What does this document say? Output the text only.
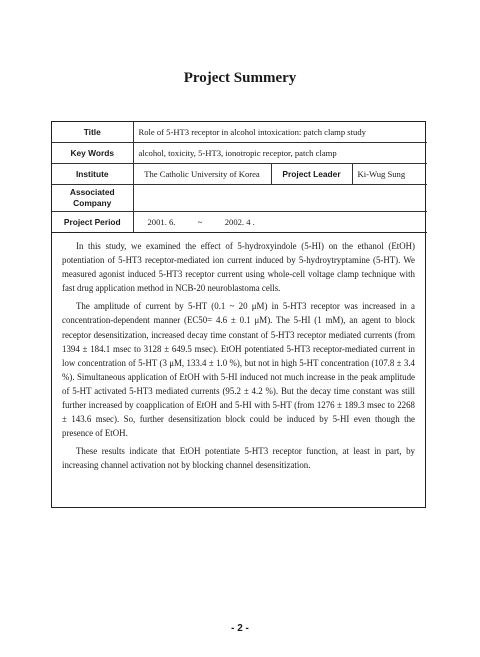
Project Summery
Title	Role of 5-HT3 receptor in alcohol intoxication: patch clamp study		
Key Words	alcohol, toxicity, 5-HT3, ionotropic receptor, patch clamp		
Institute	The Catholic University of Korea	Project Leader	Ki-Wug Sung
Associated Company			
Project Period	2001. 6. ~ 2002. 4 .		

In this study, we examined the effect of 5-hydroxyindole (5-HI) on the ethanol (EtOH) potentiation of 5-HT3 receptor-mediated ion current induced by 5-hydroytryptamine (5-HT). We measured agonist induced 5-HT3 receptor current using whole-cell voltage clamp technique with fast drug application method in NCB-20 neuroblastoma cells.

The amplitude of current by 5-HT (0.1 ~ 20 μM) in 5-HT3 receptor was increased in a concentration-dependent manner (EC50= 4.6 ± 0.1 μM). The 5-HI (1 mM), an agent to block receptor desensitization, increased decay time constant of 5-HT3 receptor mediated currents (from 1394 ± 184.1 msec to 3128 ± 649.5 msec). EtOH potentiated 5-HT3 receptor-mediated current in low concentration of 5-HT (3 μM, 133.4 ± 1.0 %), but not in high 5-HT concentration (107.8 ± 3.4 %). Simultaneous application of EtOH with 5-HI induced not much increase in the peak amplitude of 5-HT activated 5-HT3 mediated currents (95.2 ± 4.2 %). But the decay time constant was still further increased by coapplication of EtOH and 5-HI with 5-HT (from 1276 ± 189.3 msec to 2268 ± 143.6 msec). So, further desensitization block could be induced by 5-HI even though the presence of EtOH.

These results indicate that EtOH potentiate 5-HT3 receptor function, at least in part, by increasing channel activation not by blocking channel desensitization.

- 2 -
